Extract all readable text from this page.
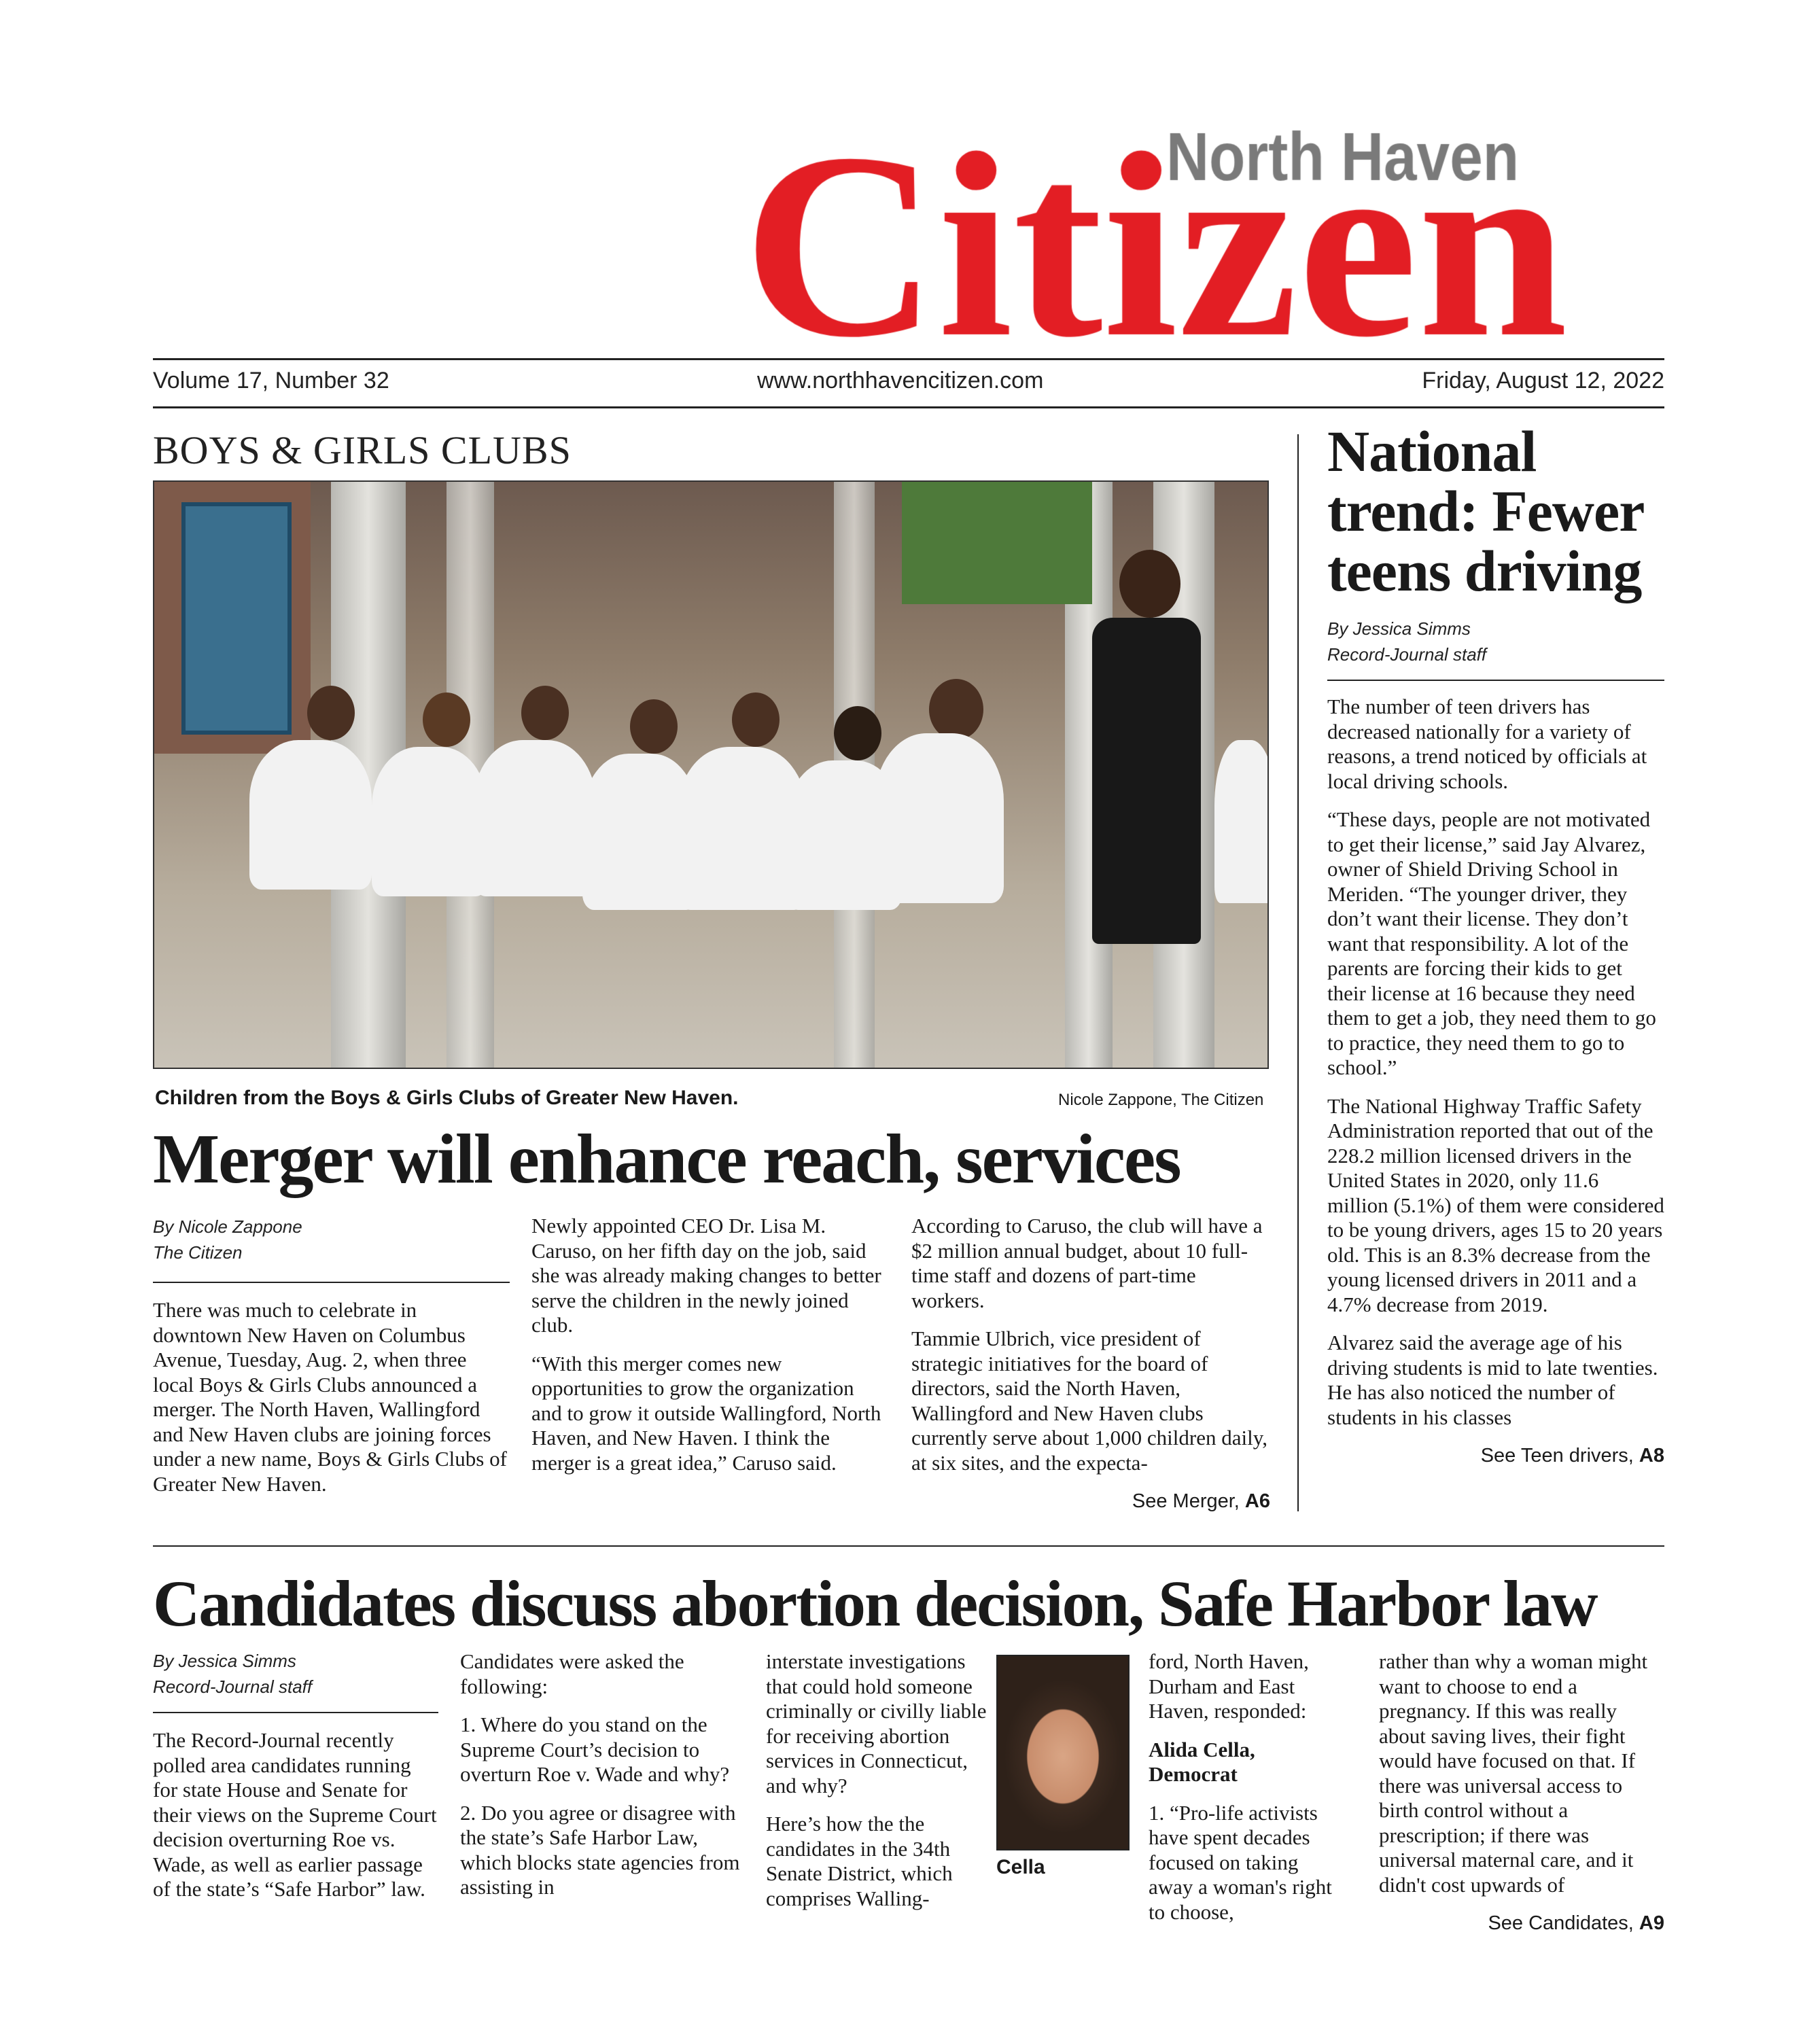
Volume 17, Number 32	www.northhavencitizen.com	Friday, August 12, 2022
BOYS & GIRLS CLUBS
Children from the Boys & Girls Clubs of Greater New Haven.	Nicole Zappone, The Citizen
Merger will enhance reach, services
By Nicole Zappone
The Citizen

There was much to celebrate in downtown New Haven on Columbus Avenue, Tuesday, Aug. 2, when three local Boys & Girls Clubs announced a merger. The North Haven, Wallingford and New Haven clubs are joining forces under a new name, Boys & Girls Clubs of Greater New Haven.

Newly appointed CEO Dr. Lisa M. Caruso, on her fifth day on the job, said she was already making changes to better serve the children in the newly joined club.

“With this merger comes new opportunities to grow the organization and to grow it outside Wallingford, North Haven, and New Haven. I think the merger is a great idea,” Caruso said.

According to Caruso, the club will have a $2 million annual budget, about 10 full-time staff and dozens of part-time workers.

Tammie Ulbrich, vice president of strategic initiatives for the board of directors, said the North Haven, Wallingford and New Haven clubs currently serve about 1,000 children daily, at six sites, and the expecta-

See Merger, A6
National trend: Fewer teens driving
By Jessica Simms
Record-Journal staff

The number of teen drivers has decreased nationally for a variety of reasons, a trend noticed by officials at local driving schools.

“These days, people are not motivated to get their license,” said Jay Alvarez, owner of Shield Driving School in Meriden. “The younger driver, they don’t want their license. They don’t want that responsibility. A lot of the parents are forcing their kids to get their license at 16 because they need them to get a job, they need them to go to practice, they need them to go to school.”

The National Highway Traffic Safety Administration reported that out of the 228.2 million licensed drivers in the United States in 2020, only 11.6 million (5.1%) of them were considered to be young drivers, ages 15 to 20 years old. This is an 8.3% decrease from the young licensed drivers in 2011 and a 4.7% decrease from 2019.

Alvarez said the average age of his driving students is mid to late twenties. He has also noticed the number of students in his classes

See Teen drivers, A8
Candidates discuss abortion decision, Safe Harbor law
By Jessica Simms
Record-Journal staff

The Record-Journal recently polled area candidates running for state House and Senate for their views on the Supreme Court decision overturning Roe vs. Wade, as well as earlier passage of the state’s “Safe Harbor” law.

Candidates were asked the following:

1. Where do you stand on the Supreme Court’s decision to overturn Roe v. Wade and why?

2. Do you agree or disagree with the state’s Safe Harbor Law, which blocks state agencies from assisting in

interstate investigations that could hold someone criminally or civilly liable for receiving abortion services in Connecticut, and why?

Here’s how the the candidates in the 34th Senate District, which comprises Walling-

Cella

ford, North Haven, Durham and East Haven, responded:

Alida Cella, Democrat

1. “Pro-life activists have spent decades focused on taking away a woman's right to choose,

rather than why a woman might want to choose to end a pregnancy. If this was really about saving lives, their fight would have focused on that. If there was universal access to birth control without a prescription; if there was universal maternal care, and it didn't cost upwards of

See Candidates, A9
